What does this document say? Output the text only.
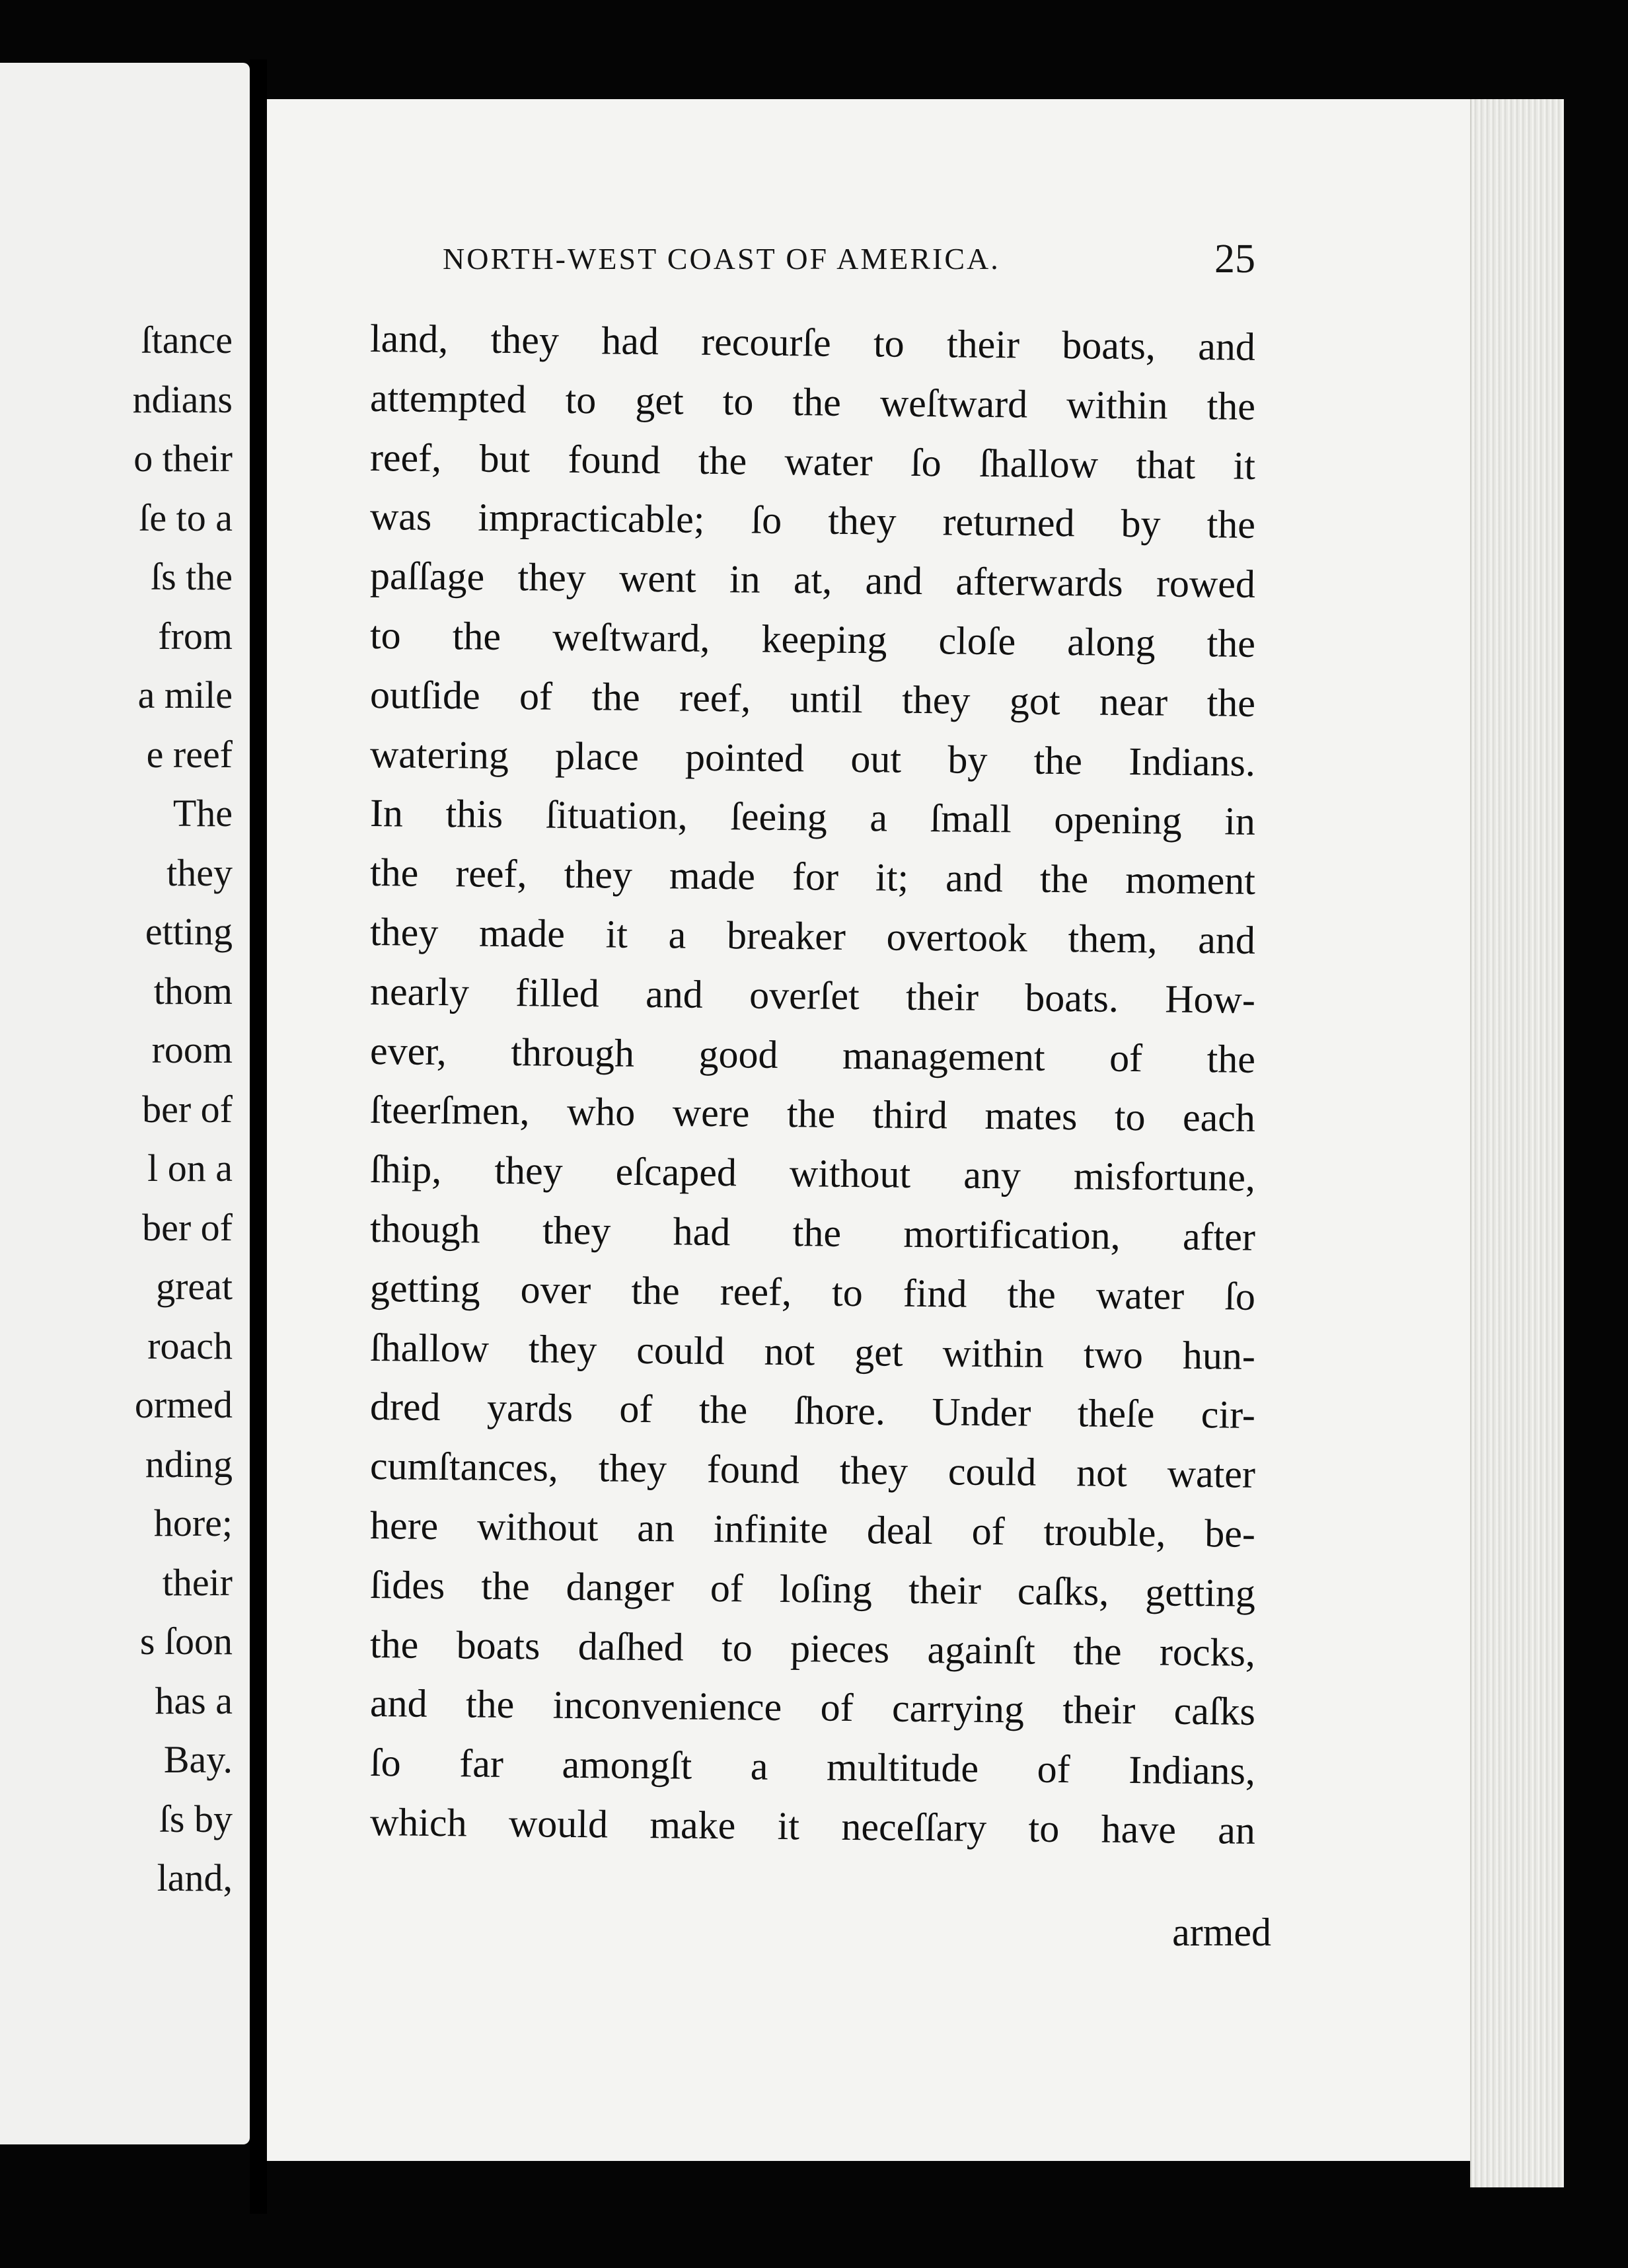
ſtance
ndians
o their
ſe to a
ſs the
from
a mile
e reef
The
they
etting
thom
room
ber of
l on a
ber of
great
roach
ormed
nding
hore;
their
s ſoon
has a
Bay.
ſs by
land,
NORTH-WEST COAST OF AMERICA.	25
land, they had recourſe to their boats, and
attempted to get to the weſtward within the
reef, but found the water ſo ſhallow that it
was impracticable; ſo they returned by the
paſſage they went in at, and afterwards rowed
to the weſtward, keeping cloſe along the
outſide of the reef, until they got near the
watering place pointed out by the Indians.
In this ſituation, ſeeing a ſmall opening in
the reef, they made for it; and the moment
they made it a breaker overtook them, and
nearly filled and overſet their boats. How-
ever, through good management of the
ſteerſmen, who were the third mates to each
ſhip, they eſcaped without any misfortune,
though they had the mortification, after
getting over the reef, to find the water ſo
ſhallow they could not get within two hun-
dred yards of the ſhore. Under theſe cir-
cumſtances, they found they could not water
here without an infinite deal of trouble, be-
ſides the danger of loſing their caſks, getting
the boats daſhed to pieces againſt the rocks,
and the inconvenience of carrying their caſks
ſo far amongſt a multitude of Indians,
which would make it neceſſary to have an
armed
